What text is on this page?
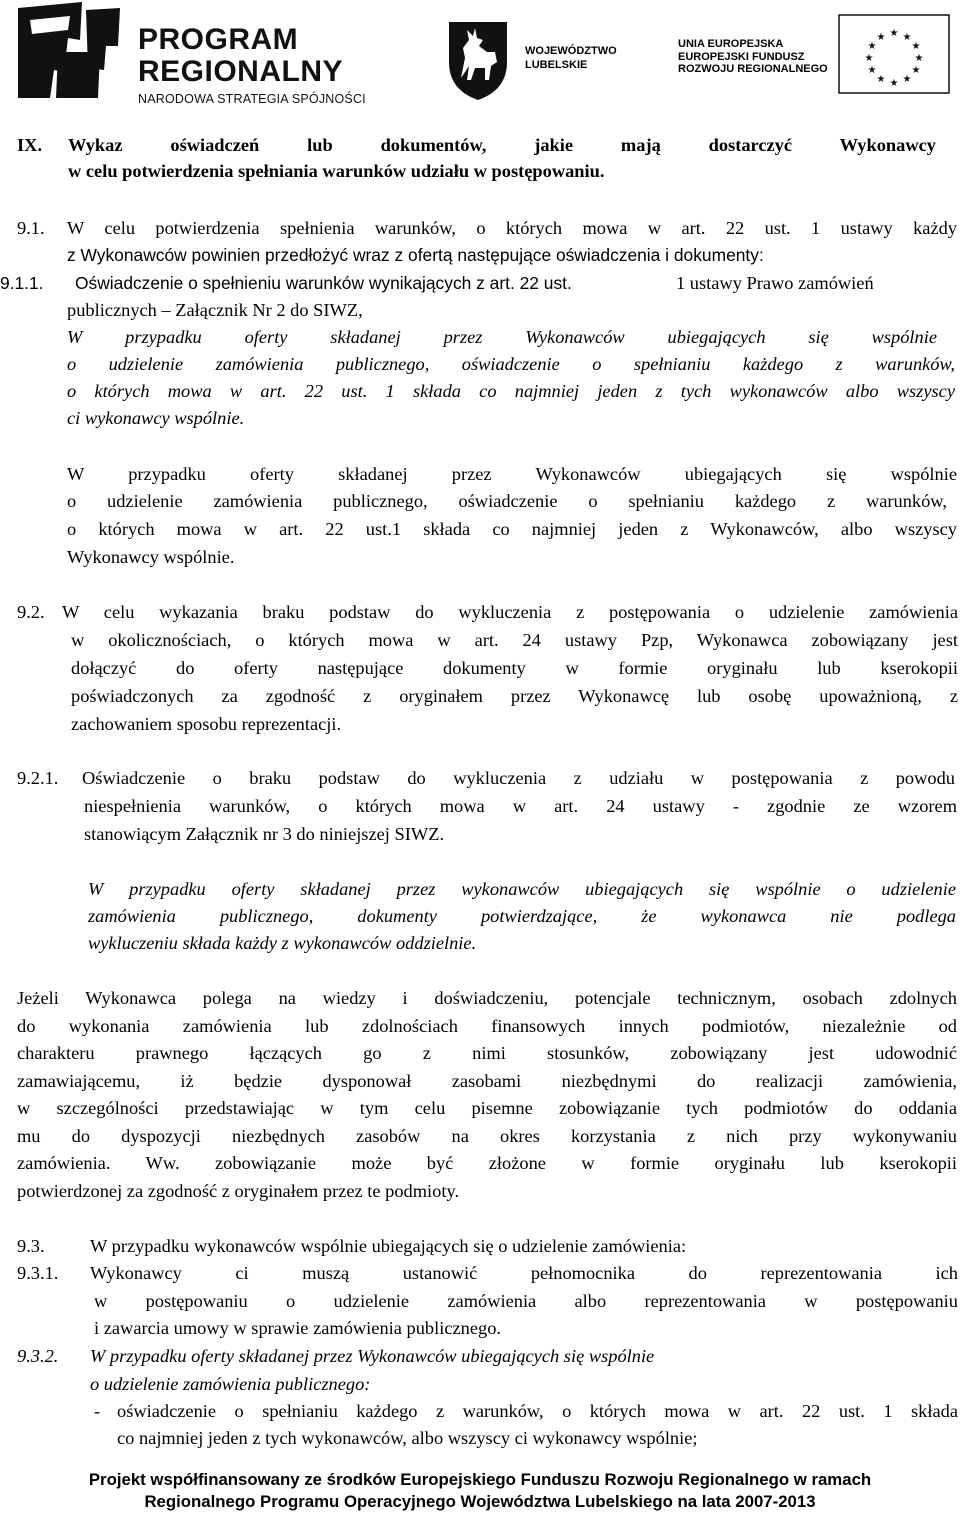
PROGRAM
REGIONALNY
NARODOWA STRATEGIA SPÓJNOŚCI
WOJEWÓDZTWO
LUBELSKIE
UNIA EUROPEJSKA
EUROPEJSKI FUNDUSZ
ROZWOJU REGIONALNEGO
★ ★
★
★
★
★
★
★
★
★
★
★
IX. Wykaz oświadczeń lub dokumentów, jakie mają dostarczyć Wykonawcy
w celu potwierdzenia spełniania warunków udziału w postępowaniu.
9.1. W celu potwierdzenia spełnienia warunków, o których mowa w art. 22 ust. 1 ustawy każdy
z Wykonawców powinien przedłożyć wraz z ofertą następujące oświadczenia i dokumenty:
9.1.1. Oświadczenie o spełnieniu warunków wynikających z art. 22 ust.	1 ustawy Prawo zamówień
publicznych – Załącznik Nr 2 do SIWZ,
W przypadku oferty składanej przez Wykonawców ubiegających się wspólnie
o udzielenie zamówienia publicznego, oświadczenie o spełnianiu każdego z warunków,
o których mowa w art. 22 ust. 1 składa co najmniej jeden z tych wykonawców albo wszyscy
ci wykonawcy wspólnie.
W przypadku oferty składanej przez Wykonawców ubiegających się wspólnie
o udzielenie zamówienia publicznego, oświadczenie o spełnianiu każdego z warunków,
o których mowa w art. 22 ust.1 składa co najmniej jeden z Wykonawców, albo wszyscy
Wykonawcy wspólnie.
9.2. W celu wykazania braku podstaw do wykluczenia z postępowania o udzielenie zamówienia
w okolicznościach, o których mowa w art. 24 ustawy Pzp, Wykonawca zobowiązany jest
dołączyć do oferty następujące dokumenty w formie oryginału lub kserokopii
poświadczonych za zgodność z oryginałem przez Wykonawcę lub osobę upoważnioną, z
zachowaniem sposobu reprezentacji.
9.2.1. Oświadczenie o braku podstaw do wykluczenia z udziału w postępowania z powodu
niespełnienia warunków, o których mowa w art. 24 ustawy - zgodnie ze wzorem
stanowiącym Załącznik nr 3 do niniejszej SIWZ.
W przypadku oferty składanej przez wykonawców ubiegających się wspólnie o udzielenie
zamówienia publicznego, dokumenty potwierdzające, że wykonawca nie podlega
wykluczeniu składa każdy z wykonawców oddzielnie.
Jeżeli Wykonawca polega na wiedzy i doświadczeniu, potencjale technicznym, osobach zdolnych
do wykonania zamówienia lub zdolnościach finansowych innych podmiotów, niezależnie od
charakteru prawnego łączących go z nimi stosunków, zobowiązany jest udowodnić
zamawiającemu, iż będzie dysponował zasobami niezbędnymi do realizacji zamówienia,
w szczególności przedstawiając w tym celu pisemne zobowiązanie tych podmiotów do oddania
mu do dyspozycji niezbędnych zasobów na okres korzystania z nich przy wykonywaniu
zamówienia. Ww. zobowiązanie może być złożone w formie oryginału lub kserokopii
potwierdzonej za zgodność z oryginałem przez te podmioty.
9.3. W przypadku wykonawców wspólnie ubiegających się o udzielenie zamówienia:
9.3.1. Wykonawcy ci muszą ustanowić pełnomocnika do reprezentowania ich
w postępowaniu o udzielenie zamówienia albo reprezentowania w postępowaniu
i zawarcia umowy w sprawie zamówienia publicznego.
9.3.2. W przypadku oferty składanej przez Wykonawców ubiegających się wspólnie
o udzielenie zamówienia publicznego:
- oświadczenie o spełnianiu każdego z warunków, o których mowa w art. 22 ust. 1 składa
co najmniej jeden z tych wykonawców, albo wszyscy ci wykonawcy wspólnie;
Projekt współfinansowany ze środków Europejskiego Funduszu Rozwoju Regionalnego w ramach
Regionalnego Programu Operacyjnego Województwa Lubelskiego na lata 2007-2013
